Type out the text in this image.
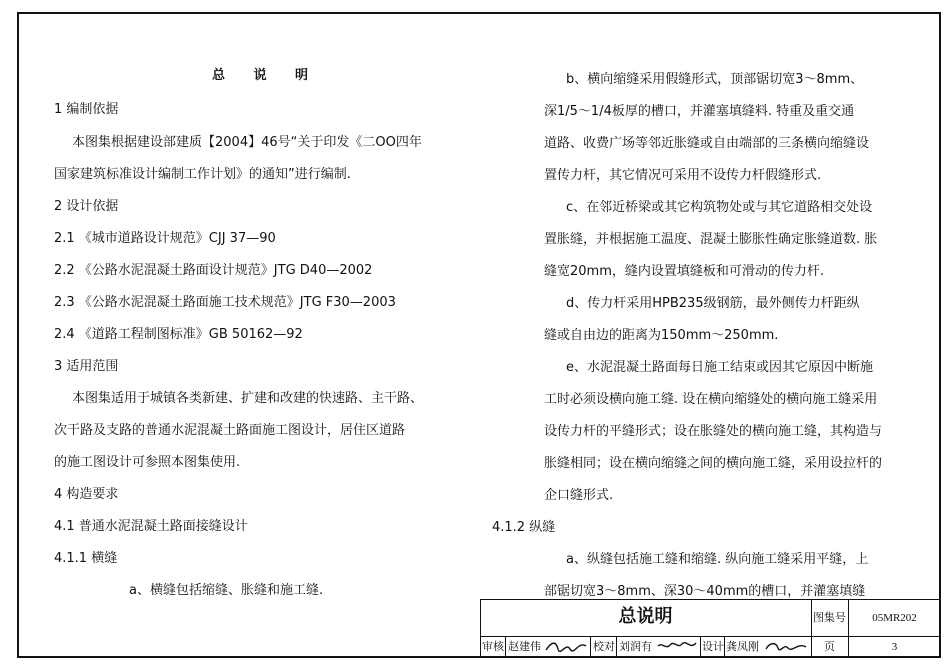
总 说 明
1 编制依据
本图集根据建设部建质【2004】46号“关于印发《二OO四年
国家建筑标准设计编制工作计划》的通知”进行编制.
2 设计依据
2.1 《城市道路设计规范》CJJ 37—90
2.2 《公路水泥混凝土路面设计规范》JTG D40—2002
2.3 《公路水泥混凝土路面施工技术规范》JTG F30—2003
2.4 《道路工程制图标准》GB 50162—92
3 适用范围
本图集适用于城镇各类新建、扩建和改建的快速路、主干路、
次干路及支路的普通水泥混凝土路面施工图设计，居住区道路
的施工图设计可参照本图集使用.
4 构造要求
4.1 普通水泥混凝土路面接缝设计
4.1.1 横缝
a、横缝包括缩缝、胀缝和施工缝.
b、横向缩缝采用假缝形式，顶部锯切宽3～8mm、
深1/5～1/4板厚的槽口，并灌塞填缝料. 特重及重交通
道路、收费广场等邻近胀缝或自由端部的三条横向缩缝设
置传力杆，其它情况可采用不设传力杆假缝形式.
c、在邻近桥梁或其它构筑物处或与其它道路相交处设
置胀缝，并根据施工温度、混凝土膨胀性确定胀缝道数. 胀
缝宽20mm，缝内设置填缝板和可滑动的传力杆.
d、传力杆采用HPB235级钢筋，最外侧传力杆距纵
缝或自由边的距离为150mm～250mm.
e、水泥混凝土路面每日施工结束或因其它原因中断施
工时必须设横向施工缝. 设在横向缩缝处的横向施工缝采用
设传力杆的平缝形式；设在胀缝处的横向施工缝，其构造与
胀缝相同；设在横向缩缝之间的横向施工缝，采用设拉杆的
企口缝形式.
4.1.2 纵缝
a、纵缝包括施工缝和缩缝. 纵向施工缝采用平缝，上
部锯切宽3～8mm、深30～40mm的槽口，并灌塞填缝
总说明	图集号	05MR202
审核 赵建伟	校对 刘润有	设计 龚凤刚	页	3
